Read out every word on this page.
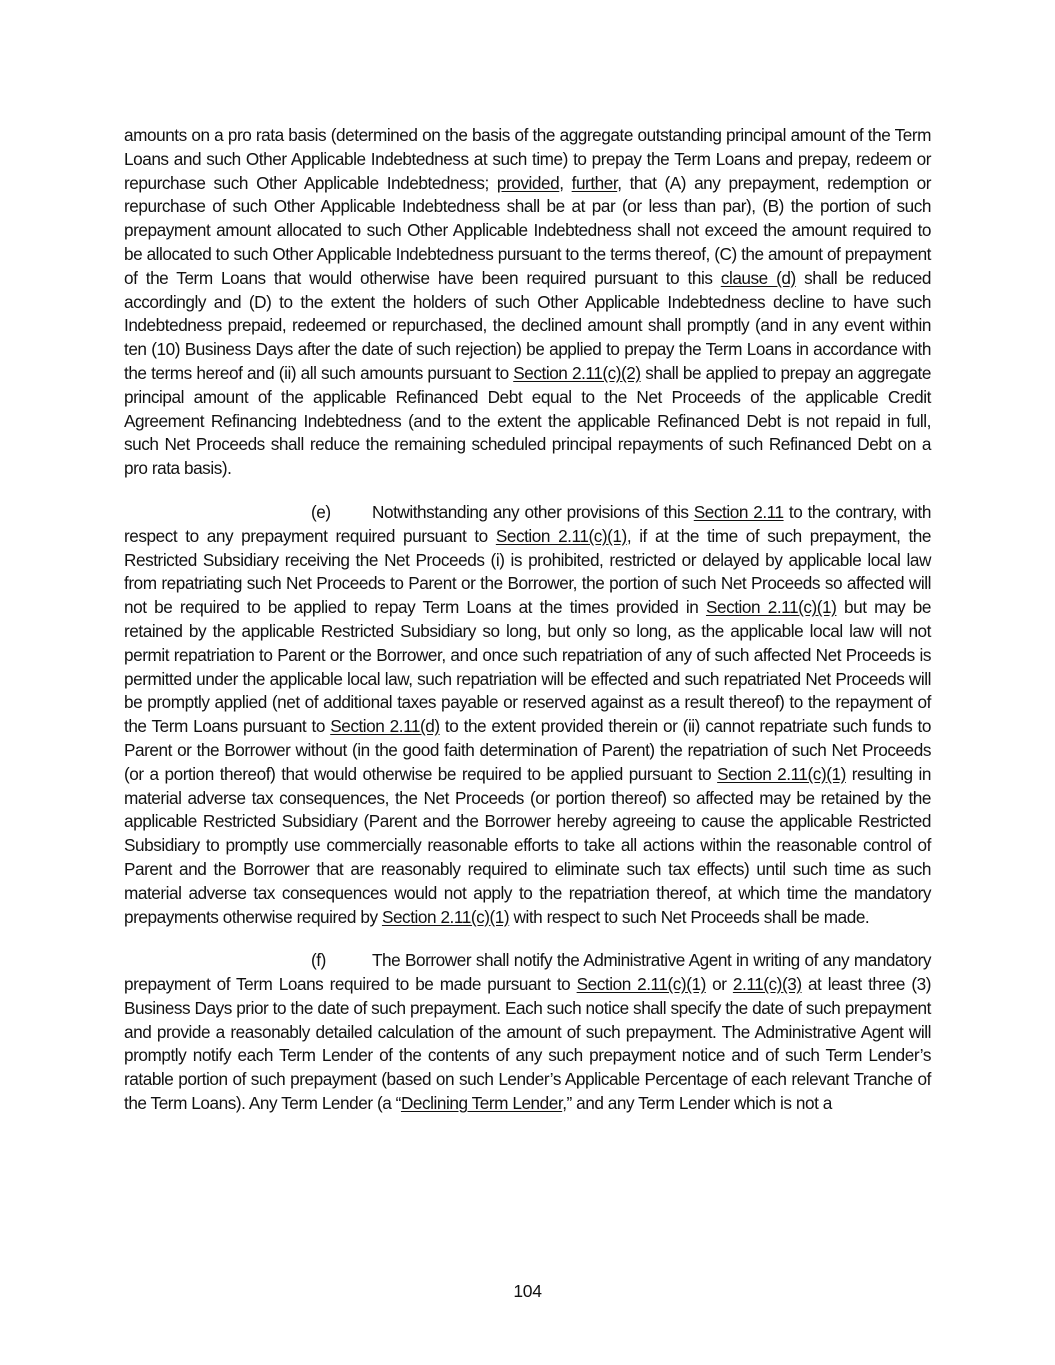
amounts on a pro rata basis (determined on the basis of the aggregate outstanding principal amount of the Term Loans and such Other Applicable Indebtedness at such time) to prepay the Term Loans and prepay, redeem or repurchase such Other Applicable Indebtedness; provided, further, that (A) any prepayment, redemption or repurchase of such Other Applicable Indebtedness shall be at par (or less than par), (B) the portion of such prepayment amount allocated to such Other Applicable Indebtedness shall not exceed the amount required to be allocated to such Other Applicable Indebtedness pursuant to the terms thereof, (C) the amount of prepayment of the Term Loans that would otherwise have been required pursuant to this clause (d) shall be reduced accordingly and (D) to the extent the holders of such Other Applicable Indebtedness decline to have such Indebtedness prepaid, redeemed or repurchased, the declined amount shall promptly (and in any event within ten (10) Business Days after the date of such rejection) be applied to prepay the Term Loans in accordance with the terms hereof and (ii) all such amounts pursuant to Section 2.11(c)(2) shall be applied to prepay an aggregate principal amount of the applicable Refinanced Debt equal to the Net Proceeds of the applicable Credit Agreement Refinancing Indebtedness (and to the extent the applicable Refinanced Debt is not repaid in full, such Net Proceeds shall reduce the remaining scheduled principal repayments of such Refinanced Debt on a pro rata basis).

(e) Notwithstanding any other provisions of this Section 2.11 to the contrary, with respect to any prepayment required pursuant to Section 2.11(c)(1), if at the time of such prepayment, the Restricted Subsidiary receiving the Net Proceeds (i) is prohibited, restricted or delayed by applicable local law from repatriating such Net Proceeds to Parent or the Borrower, the portion of such Net Proceeds so affected will not be required to be applied to repay Term Loans at the times provided in Section 2.11(c)(1) but may be retained by the applicable Restricted Subsidiary so long, but only so long, as the applicable local law will not permit repatriation to Parent or the Borrower, and once such repatriation of any of such affected Net Proceeds is permitted under the applicable local law, such repatriation will be effected and such repatriated Net Proceeds will be promptly applied (net of additional taxes payable or reserved against as a result thereof) to the repayment of the Term Loans pursuant to Section 2.11(d) to the extent provided therein or (ii) cannot repatriate such funds to Parent or the Borrower without (in the good faith determination of Parent) the repatriation of such Net Proceeds (or a portion thereof) that would otherwise be required to be applied pursuant to Section 2.11(c)(1) resulting in material adverse tax consequences, the Net Proceeds (or portion thereof) so affected may be retained by the applicable Restricted Subsidiary (Parent and the Borrower hereby agreeing to cause the applicable Restricted Subsidiary to promptly use commercially reasonable efforts to take all actions within the reasonable control of Parent and the Borrower that are reasonably required to eliminate such tax effects) until such time as such material adverse tax consequences would not apply to the repatriation thereof, at which time the mandatory prepayments otherwise required by Section 2.11(c)(1) with respect to such Net Proceeds shall be made.

(f)	The Borrower shall notify the Administrative Agent in writing of any mandatory prepayment of Term Loans required to be made pursuant to Section 2.11(c)(1) or 2.11(c)(3) at least three (3) Business Days prior to the date of such prepayment. Each such notice shall specify the date of such prepayment and provide a reasonably detailed calculation of the amount of such prepayment. The Administrative Agent will promptly notify each Term Lender of the contents of any such prepayment notice and of such Term Lender’s ratable portion of such prepayment (based on such Lender’s Applicable Percentage of each relevant Tranche of the Term Loans). Any Term Lender (a “Declining Term Lender,” and any Term Lender which is not a

104
